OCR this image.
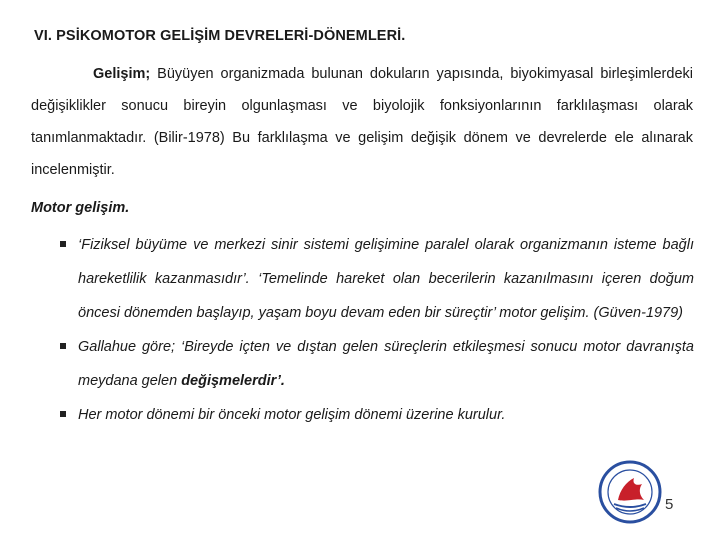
VI. PSİKOMOTOR GELİŞİM DEVRELERİ-DÖNEMLERİ.
Gelişim; Büyüyen organizmada bulunan dokuların yapısında, biyokimyasal birleşimlerdeki değişiklikler sonucu bireyin olgunlaşması ve biyolojik fonksiyonlarının farklılaşması olarak tanımlanmaktadır. (Bilir-1978) Bu farklılaşma ve gelişim değişik dönem ve devrelerde ele alınarak incelenmiştir.
Motor gelişim.
‘Fiziksel büyüme ve merkezi sinir sistemi gelişimine paralel olarak organizmanın isteme bağlı hareketlilik kazanmasıdır’. ‘Temelinde hareket olan becerilerin kazanılmasını içeren doğum öncesi dönemden başlayıp, yaşam boyu devam eden bir süreçtir’ motor gelişim. (Güven-1979)
Gallahue göre; ‘Bireyde içten ve dıştan gelen süreçlerin etkileşmesi sonucu motor davranışta meydana gelen değişmelerdir’.
Her motor dönemi bir önceki motor gelişim dönemi üzerine kurulur.
5
